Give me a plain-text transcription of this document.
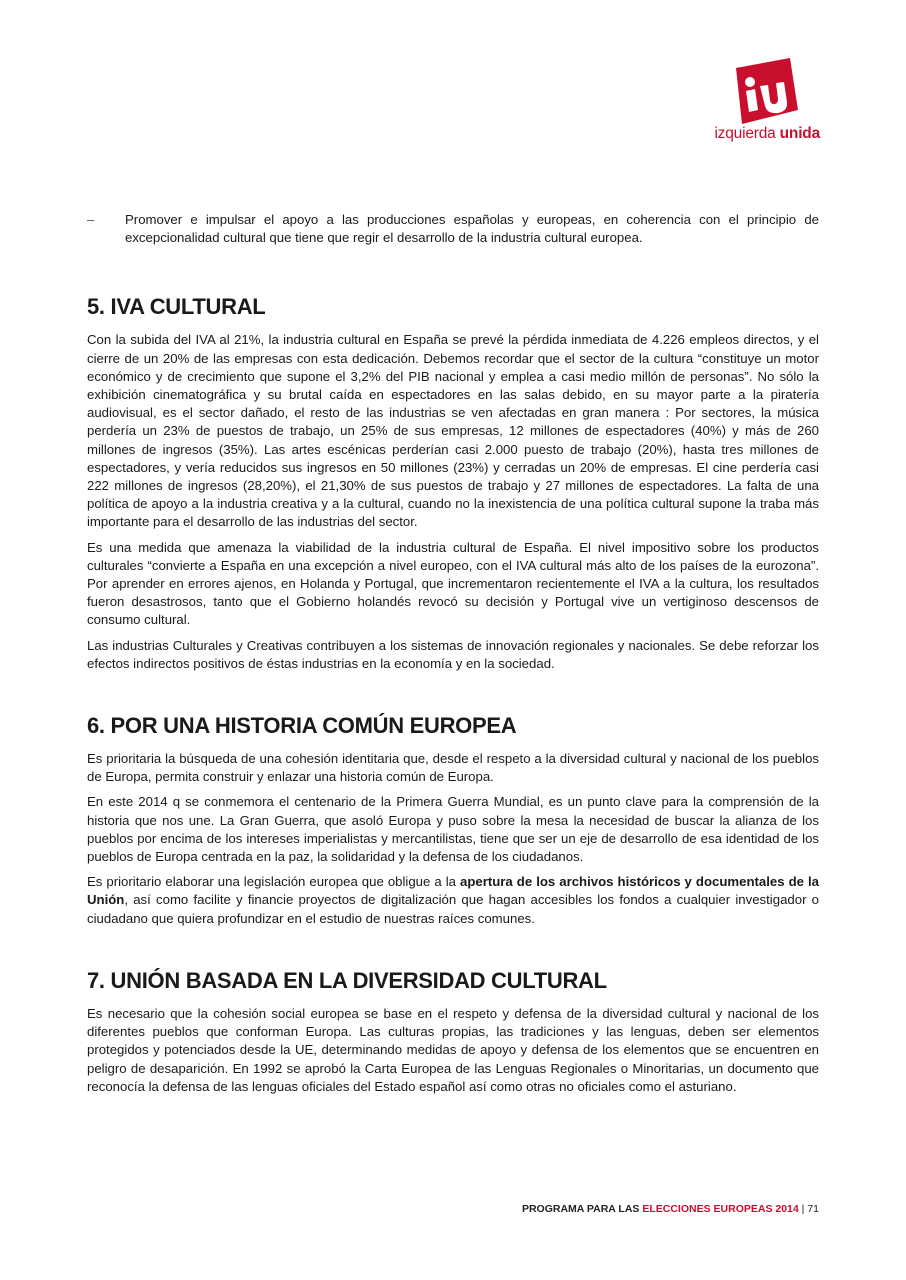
izquierda unida
–	Promover e impulsar el apoyo a las producciones españolas y europeas, en coherencia con el principio de excepcionalidad cultural que tiene que regir el desarrollo de la industria cultural europea.

5. IVA CULTURAL

Con la subida del IVA al 21%, la industria cultural en España se prevé la pérdida inmediata de 4.226 empleos directos, y el cierre de un 20% de las empresas con esta dedicación. Debemos recordar que el sector de la cultura “constituye un motor económico y de crecimiento que supone el 3,2% del PIB nacional y emplea a casi medio millón de personas”. No sólo la exhibición cinematográfica y su brutal caída en espectadores en las salas debido, en su mayor parte a la piratería audiovisual, es el sector dañado, el resto de las industrias se ven afectadas en gran manera : Por sectores, la música perdería un 23% de puestos de trabajo, un 25% de sus empresas, 12 millones de espectadores (40%) y más de 260 millones de ingresos (35%). Las artes escénicas perderían casi 2.000 puesto de trabajo (20%), hasta tres millones de espectadores, y vería reducidos sus ingresos en 50 millones (23%) y cerradas un 20% de empresas. El cine perdería casi 222 millones de ingresos (28,20%), el 21,30% de sus puestos de trabajo y 27 millones de espectadores. La falta de una política de apoyo a la industria creativa y a la cultural, cuando no la inexistencia de una política cultural supone la traba más importante para el desarrollo de las industrias del sector.

Es una medida que amenaza la viabilidad de la industria cultural de España. El nivel impositivo sobre los productos culturales “convierte a España en una excepción a nivel europeo, con el IVA cultural más alto de los países de la eurozona”. Por aprender en errores ajenos, en Holanda y Portugal, que incrementaron recientemente el IVA a la cultura, los resultados fueron desastrosos, tanto que el Gobierno holandés revocó su decisión y Portugal vive un vertiginoso descensos de consumo cultural.

Las industrias Culturales y Creativas contribuyen a los sistemas de innovación regionales y nacionales. Se debe reforzar los efectos indirectos positivos de éstas industrias en la economía y en la sociedad.

6. POR UNA HISTORIA COMÚN EUROPEA

Es prioritaria la búsqueda de una cohesión identitaria que, desde el respeto a la diversidad cultural y nacional de los pueblos de Europa, permita construir y enlazar una historia común de Europa.

En este 2014 q se conmemora el centenario de la Primera Guerra Mundial, es un punto clave para la comprensión de la historia que nos une. La Gran Guerra, que asoló Europa y puso sobre la mesa la necesidad de buscar la alianza de los pueblos por encima de los intereses imperialistas y mercantilistas, tiene que ser un eje de desarrollo de esa identidad de los pueblos de Europa centrada en la paz, la solidaridad y la defensa de los ciudadanos.

Es prioritario elaborar una legislación europea que obligue a la apertura de los archivos históricos y documentales de la Unión, así como facilite y financie proyectos de digitalización que hagan accesibles los fondos a cualquier investigador o ciudadano que quiera profundizar en el estudio de nuestras raíces comunes.

7. UNIÓN BASADA EN LA DIVERSIDAD CULTURAL

Es necesario que la cohesión social europea se base en el respeto y defensa de la diversidad cultural y nacional de los diferentes pueblos que conforman Europa. Las culturas propias, las tradiciones y las lenguas, deben ser elementos protegidos y potenciados desde la UE, determinando medidas de apoyo y defensa de los elementos que se encuentren en peligro de desaparición. En 1992 se aprobó la Carta Europea de las Lenguas Regionales o Minoritarias, un documento que reconocía la defensa de las lenguas oficiales del Estado español así como otras no oficiales como el asturiano.

PROGRAMA PARA LAS ELECCIONES EUROPEAS 2014 | 71
